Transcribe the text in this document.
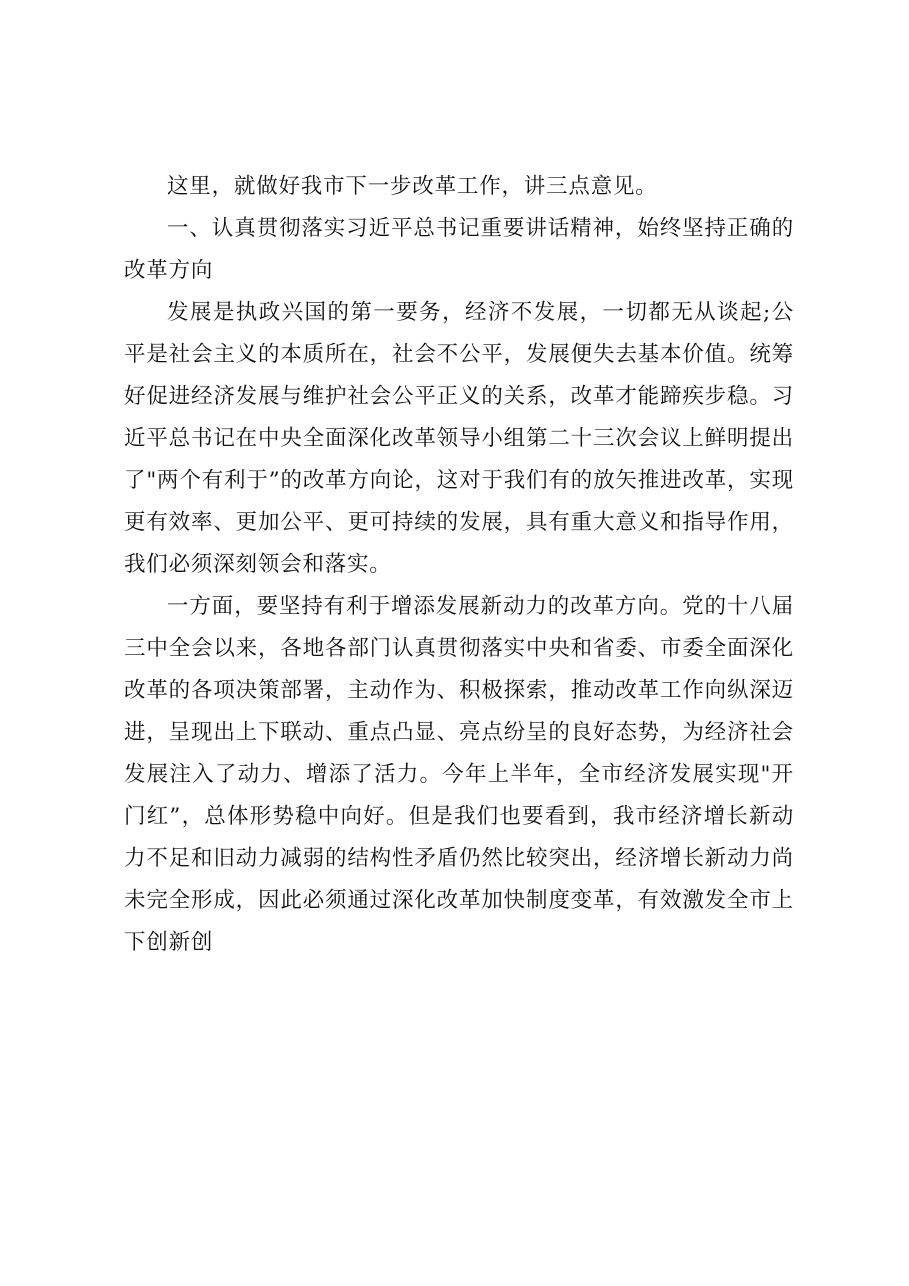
这里，就做好我市下一步改革工作，讲三点意见。

一、认真贯彻落实习近平总书记重要讲话精神，始终坚持正确的改革方向

发展是执政兴国的第一要务，经济不发展，一切都无从谈起;公平是社会主义的本质所在，社会不公平，发展便失去基本价值。统筹好促进经济发展与维护社会公平正义的关系，改革才能蹄疾步稳。习近平总书记在中央全面深化改革领导小组第二十三次会议上鲜明提出了"两个有利于”的改革方向论，这对于我们有的放矢推进改革，实现更有效率、更加公平、更可持续的发展，具有重大意义和指导作用，我们必须深刻领会和落实。

一方面，要坚持有利于增添发展新动力的改革方向。党的十八届三中全会以来，各地各部门认真贯彻落实中央和省委、市委全面深化改革的各项决策部署，主动作为、积极探索，推动改革工作向纵深迈进，呈现出上下联动、重点凸显、亮点纷呈的良好态势，为经济社会发展注入了动力、增添了活力。今年上半年，全市经济发展实现"开门红”，总体形势稳中向好。但是我们也要看到，我市经济增长新动力不足和旧动力减弱的结构性矛盾仍然比较突出，经济增长新动力尚未完全形成，因此必须通过深化改革加快制度变革，有效激发全市上下创新创
